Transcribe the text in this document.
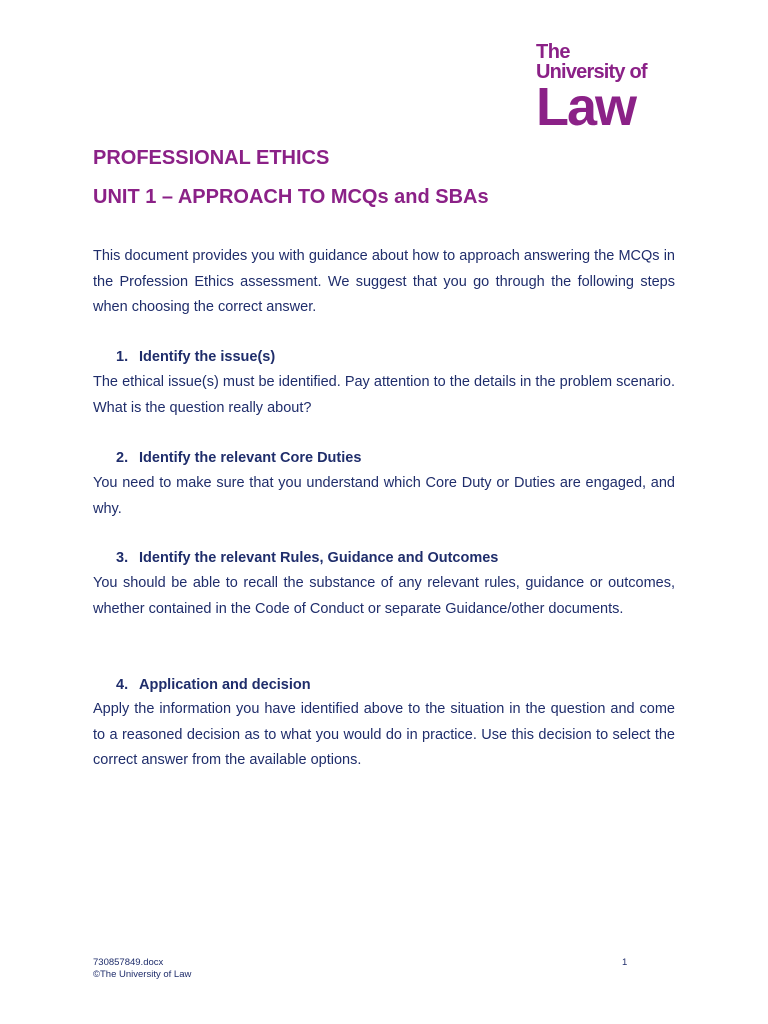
The
University of
Law
PROFESSIONAL ETHICS
UNIT 1 – APPROACH TO MCQs and SBAs

This document provides you with guidance about how to approach answering the MCQs in the Profession Ethics assessment. We suggest that you go through the following steps when choosing the correct answer.

1. Identify the issue(s)

The ethical issue(s) must be identified. Pay attention to the details in the problem scenario. What is the question really about?

2. Identify the relevant Core Duties

You need to make sure that you understand which Core Duty or Duties are engaged, and why.

3. Identify the relevant Rules, Guidance and Outcomes

You should be able to recall the substance of any relevant rules, guidance or outcomes, whether contained in the Code of Conduct or separate Guidance/other documents.

4. Application and decision

Apply the information you have identified above to the situation in the question and come to a reasoned decision as to what you would do in practice. Use this decision to select the correct answer from the available options.

730857849.docx
©The University of Law
1
